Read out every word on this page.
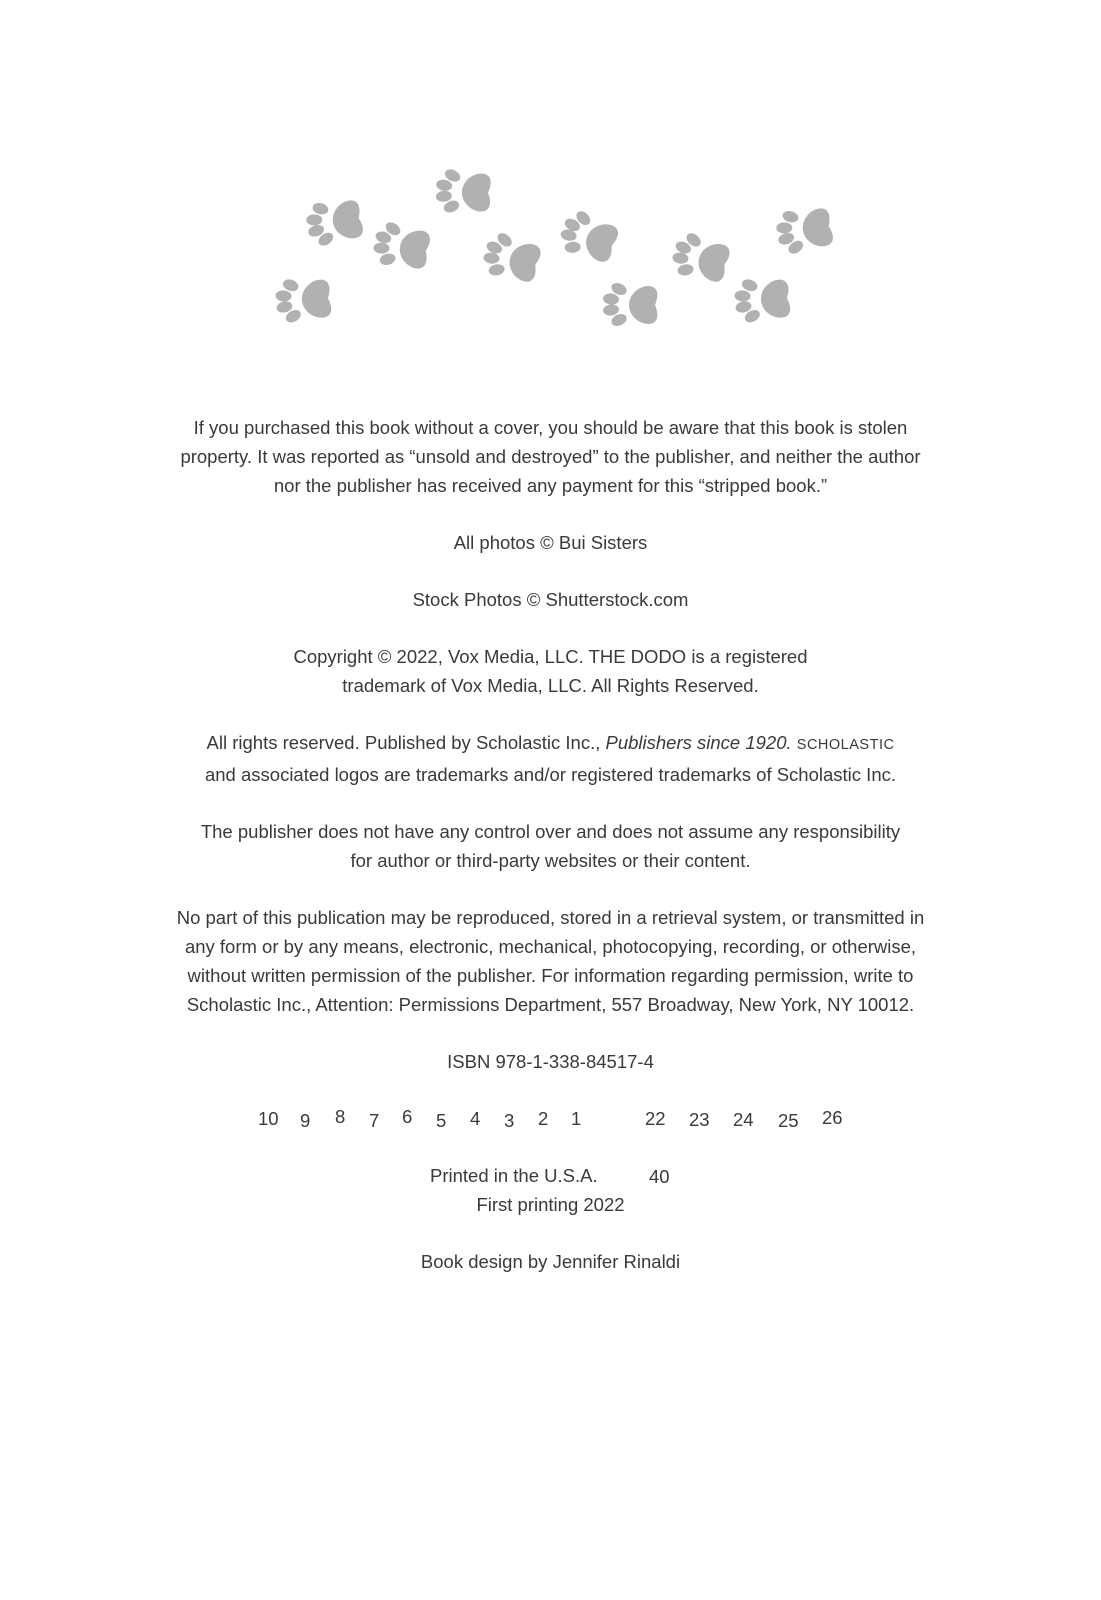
If you purchased this book without a cover, you should be aware that this book is stolen
property. It was reported as “unsold and destroyed” to the publisher, and neither the author
nor the publisher has received any payment for this “stripped book.”
All photos © Bui Sisters
Stock Photos © Shutterstock.com
Copyright © 2022, Vox Media, LLC. THE DODO is a registered
trademark of Vox Media, LLC. All Rights Reserved.
All rights reserved. Published by Scholastic Inc., Publishers since 1920. SCHOLASTIC
and associated logos are trademarks and/or registered trademarks of Scholastic Inc.
The publisher does not have any control over and does not assume any responsibility
for author or third-party websites or their content.
No part of this publication may be reproduced, stored in a retrieval system, or transmitted in
any form or by any means, electronic, mechanical, photocopying, recording, or otherwise,
without written permission of the publisher. For information regarding permission, write to
Scholastic Inc., Attention: Permissions Department, 557 Broadway, New York, NY 10012.
ISBN 978-1-338-84517-4
10 9 8 7 6 5 4 3 2 1	22 23 24 25 26
Printed in the U.S.A.	40
First printing 2022
Book design by Jennifer Rinaldi
